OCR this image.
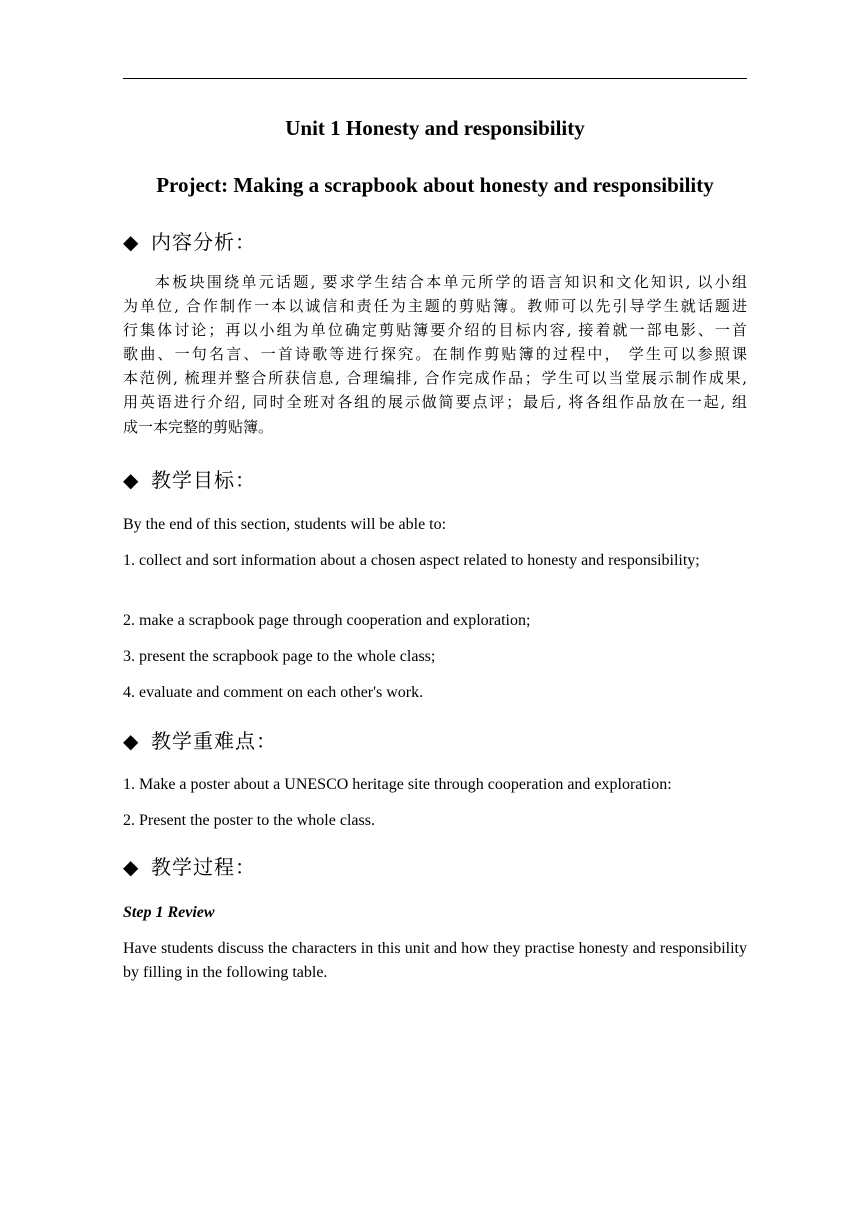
Unit 1 Honesty and responsibility
Project: Making a scrapbook about honesty and responsibility
◆ 内容分析：
本板块围绕单元话题, 要求学生结合本单元所学的语言知识和文化知识, 以小组
为单位, 合作制作一本以诚信和责任为主题的剪贴簿。教师可以先引导学生就话题进
行集体讨论；再以小组为单位确定剪贴簿要介绍的目标内容, 接着就一部电影、一首
歌曲、一句名言、一首诗歌等进行探究。在制作剪贴簿的过程中， 学生可以参照课
本范例, 梳理并整合所获信息, 合理编排, 合作完成作品；学生可以当堂展示制作成果,
用英语进行介绍, 同时全班对各组的展示做简要点评；最后, 将各组作品放在一起, 组
成一本完整的剪贴簿。
◆ 教学目标：
By the end of this section, students will be able to:
1. collect and sort information about a chosen aspect related to honesty and responsibility;
2. make a scrapbook page through cooperation and exploration;
3. present the scrapbook page to the whole class;
4. evaluate and comment on each other's work.
◆ 教学重难点：
1. Make a poster about a UNESCO heritage site through cooperation and exploration:
2. Present the poster to the whole class.
◆ 教学过程：
Step 1 Review
Have students discuss the characters in this unit and how they practise honesty and responsibility by filling in the following table.
